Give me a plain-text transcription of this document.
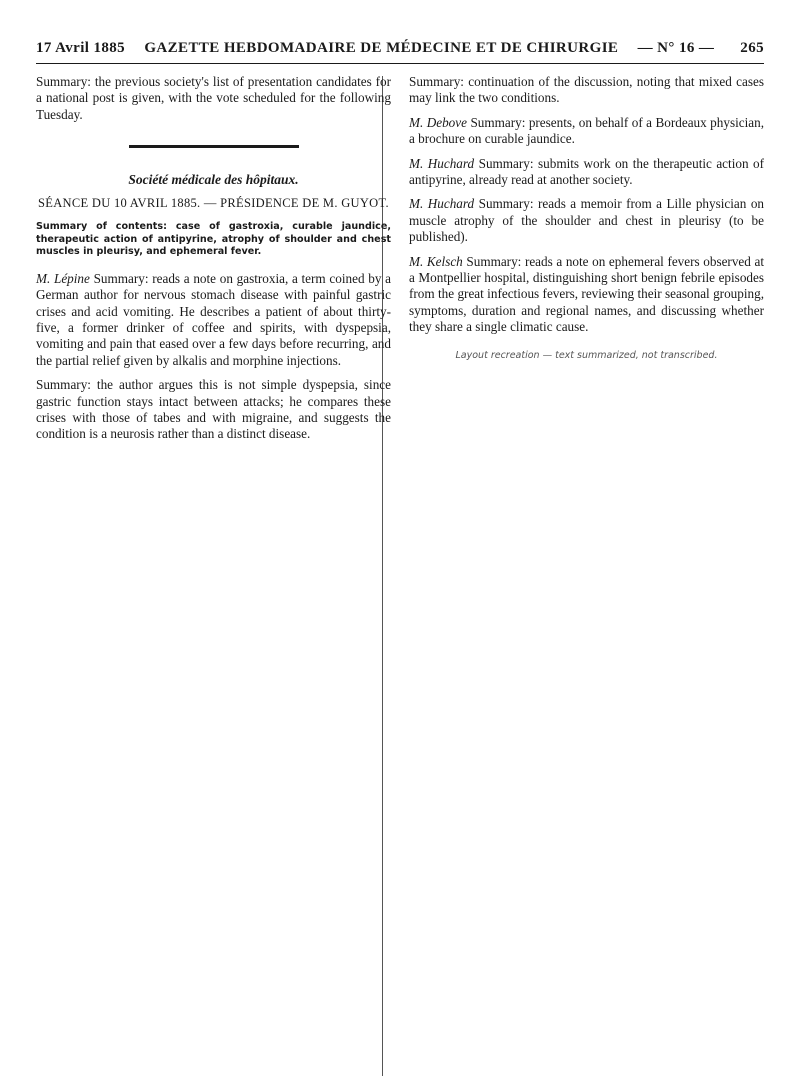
17 Avril 1885	GAZETTE HEBDOMADAIRE DE MÉDECINE ET DE CHIRURGIE	— N° 16 — 265

Summary: the previous society's list of presentation candidates for a national post is given, with the vote scheduled for the following Tuesday.

Société médicale des hôpitaux.
SÉANCE DU 10 AVRIL 1885. — PRÉSIDENCE DE M. GUYOT.
Summary of contents: case of gastroxia, curable jaundice, therapeutic action of antipyrine, atrophy of shoulder and chest muscles in pleurisy, and ephemeral fever.

M. Lépine Summary: reads a note on gastroxia, a term coined by a German author for nervous stomach disease with painful gastric crises and acid vomiting. He describes a patient of about thirty-five, a former drinker of coffee and spirits, with dyspepsia, vomiting and pain that eased over a few days before recurring, and the partial relief given by alkalis and morphine injections.

Summary: the author argues this is not simple dyspepsia, since gastric function stays intact between attacks; he compares these crises with those of tabes and with migraine, and suggests the condition is a neurosis rather than a distinct disease.

Summary: continuation of the discussion, noting that mixed cases may link the two conditions.

M. Debove Summary: presents, on behalf of a Bordeaux physician, a brochure on curable jaundice.

M. Huchard Summary: submits work on the therapeutic action of antipyrine, already read at another society.

M. Huchard Summary: reads a memoir from a Lille physician on muscle atrophy of the shoulder and chest in pleurisy (to be published).

M. Kelsch Summary: reads a note on ephemeral fevers observed at a Montpellier hospital, distinguishing short benign febrile episodes from the great infectious fevers, reviewing their seasonal grouping, symptoms, duration and regional names, and discussing whether they share a single climatic cause.

Layout recreation — text summarized, not transcribed.
